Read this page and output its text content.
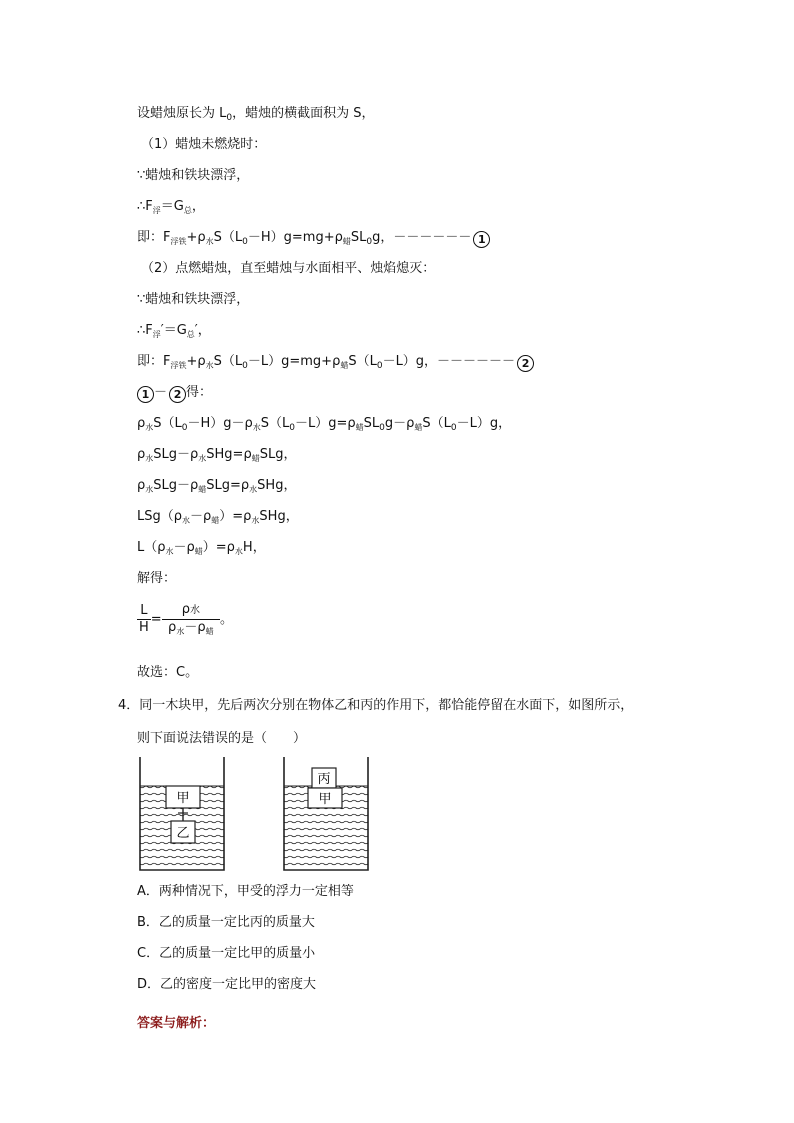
设蜡烛原长为 $L_0$，蜡烛的横截面积为 S，
（1）蜡烛未燃烧时：
∵蜡烛和铁块漂浮，
$\therefore F_浮=G_总$，
即：$F_{浮铁}+\rho_水S(L_0-H)g=mg+\rho_蜡SL_0g$，－－－－－－ 1
（2）点燃蜡烛，直至蜡烛与水面相平、烛焰熄灭：
∵蜡烛和铁块漂浮，
$\therefore F_浮'=G_总'$，
即：$F_{浮铁}+\rho_水S(L_0-L)g=mg+\rho_蜡S(L_0-L)g$，－－－－－－ 2
1 － 2 得：
$\rho_水S(L_0-H)g-\rho_水S(L_0-L)g=\rho_蜡SL_0g-\rho_蜡S(L_0-L)g$，
$\rho_水SLg-\rho_水SHg=\rho_蜡SLg$，
$\rho_水SLg-\rho_蜡SLg=\rho_水SHg$，
$LSg(\rho_水-\rho_蜡)=\rho_水SHg$，
$L(\rho_水-\rho_蜡)=\rho_水H$，
解得：
$\frac{L}{H} = \frac{\text{ρ水}}{\rho_水-\rho_蜡}$ 。
故选：C。
4．同一木块甲，先后两次分别在物体乙和丙的作用下，都恰能停留在水面下，如图所示，
则下面说法错误的是（　　）
甲
乙
丙
甲
A．两种情况下，甲受的浮力一定相等
B．乙的质量一定比丙的质量大
C．乙的质量一定比甲的质量小
D．乙的密度一定比甲的密度大
答案与解析：
